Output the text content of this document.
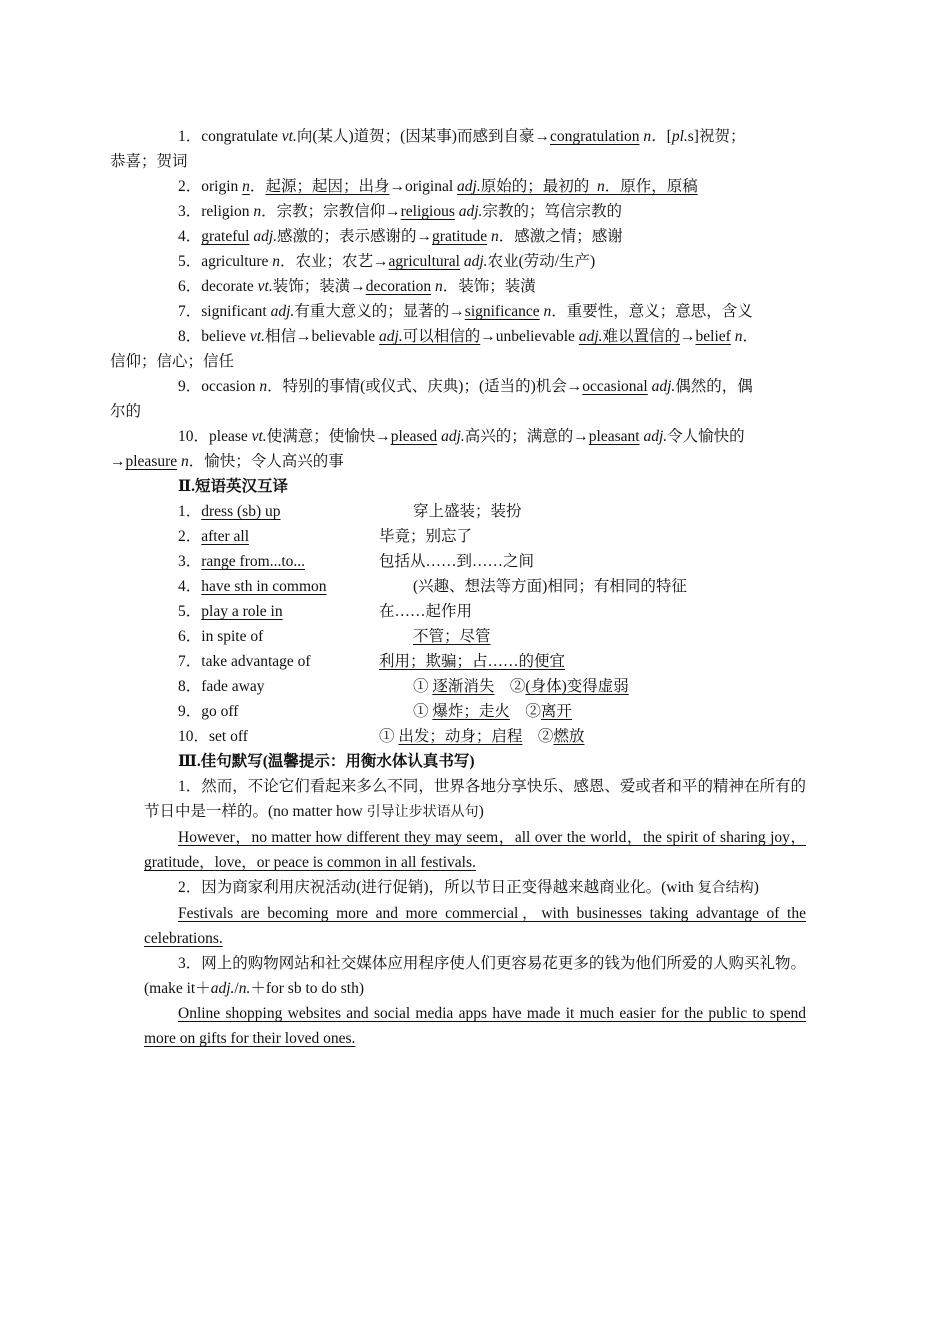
1．congratulate vt.向(某人)道贺；(因某事)而感到自豪→congratulation n．[pl.s]祝贺；
恭喜；贺词

2．origin n．起源；起因；出身→original adj.原始的；最初的  n．原作，原稿

3．religion n．宗教；宗教信仰→religious adj.宗教的；笃信宗教的

4．grateful adj.感激的；表示感谢的→gratitude n．感激之情；感谢

5．agriculture n．农业；农艺→agricultural adj.农业(劳动/生产)

6．decorate vt.装饰；装潢→decoration n．装饰；装潢

7．significant adj.有重大意义的；显著的→significance n．重要性，意义；意思，含义

8．believe vt.相信→believable adj.可以相信的→unbelievable adj.难以置信的→belief n．
信仰；信心；信任

9．occasion n．特别的事情(或仪式、庆典)；(适当的)机会→occasional adj.偶然的，偶
尔的

10．please vt.使满意；使愉快→pleased adj.高兴的；满意的→pleasant adj.令人愉快的
→pleasure n．愉快；令人高兴的事

Ⅱ.短语英汉互译

1．dress (sb) up	穿上盛装；装扮
2．after all	毕竟；别忘了
3．range from...to...	包括从……到……之间
4．have sth in common	(兴趣、想法等方面)相同；有相同的特征
5．play a role in	在……起作用
6．in spite of	不管；尽管
7．take advantage of	利用；欺骗；占……的便宜
8．fade away	① 逐渐消失    ②(身体)变得虚弱
9．go off	① 爆炸；走火    ②离开
10．set off	① 出发；动身；启程    ②燃放

Ⅲ.佳句默写(温馨提示：用衡水体认真书写)

1．然而，不论它们看起来多么不同，世界各地分享快乐、感恩、爱或者和平的精神在所有的节日中是一样的。(no matter how 引导让步状语从句)

However，no matter how different they may seem，all over the world，the spirit of sharing joy，gratitude，love，or peace is common in all festivals.

2．因为商家利用庆祝活动(进行促销)，所以节日正变得越来越商业化。(with 复合结构)

Festivals are becoming more and more commercial，with businesses taking advantage of the celebrations.

3．网上的购物网站和社交媒体应用程序使人们更容易花更多的钱为他们所爱的人购买礼物。(make it＋adj./n.＋for sb to do sth)

Online shopping websites and social media apps have made it much easier for the public to spend more on gifts for their loved ones.
